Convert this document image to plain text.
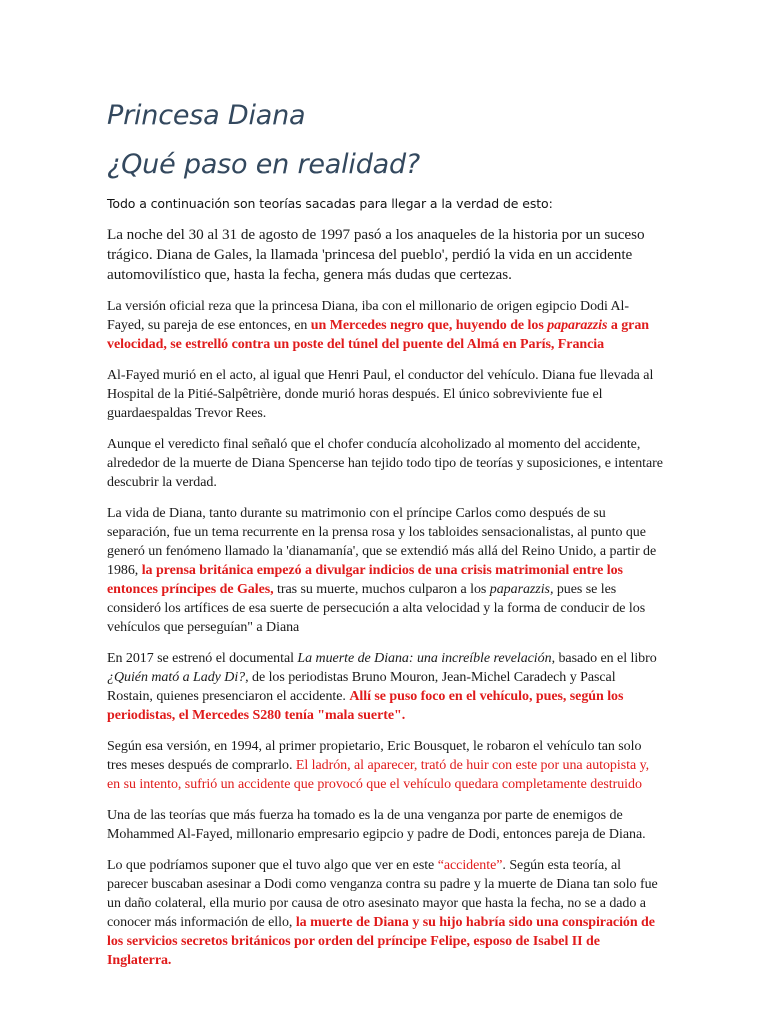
Princesa Diana
¿Qué paso en realidad?

Todo a continuación son teorías sacadas para llegar a la verdad de esto:

La noche del 30 al 31 de agosto de 1997 pasó a los anaqueles de la historia por un suceso trágico. Diana de Gales, la llamada 'princesa del pueblo', perdió la vida en un accidente automovilístico que, hasta la fecha, genera más dudas que certezas.

La versión oficial reza que la princesa Diana, iba con el millonario de origen egipcio Dodi Al-Fayed, su pareja de ese entonces, en un Mercedes negro que, huyendo de los paparazzis a gran velocidad, se estrelló contra un poste del túnel del puente del Almá en París, Francia

Al-Fayed murió en el acto, al igual que Henri Paul, el conductor del vehículo. Diana fue llevada al Hospital de la Pitié-Salpêtrière, donde murió horas después. El único sobreviviente fue el guardaespaldas Trevor Rees.

Aunque el veredicto final señaló que el chofer conducía alcoholizado al momento del accidente, alrededor de la muerte de Diana Spencerse han tejido todo tipo de teorías y suposiciones, e intentare descubrir la verdad.

La vida de Diana, tanto durante su matrimonio con el príncipe Carlos como después de su separación, fue un tema recurrente en la prensa rosa y los tabloides sensacionalistas, al punto que generó un fenómeno llamado la 'dianamanía', que se extendió más allá del Reino Unido, a partir de 1986, la prensa británica empezó a divulgar indicios de una crisis matrimonial entre los entonces príncipes de Gales, tras su muerte, muchos culparon a los paparazzis, pues se les consideró los artífices de esa suerte de persecución a alta velocidad y la forma de conducir de los vehículos que perseguían" a Diana

En 2017 se estrenó el documental La muerte de Diana: una increíble revelación, basado en el libro ¿Quién mató a Lady Di?, de los periodistas Bruno Mouron, Jean-Michel Caradech y Pascal Rostain, quienes presenciaron el accidente. Allí se puso foco en el vehículo, pues, según los periodistas, el Mercedes S280 tenía "mala suerte".

Según esa versión, en 1994, al primer propietario, Eric Bousquet, le robaron el vehículo tan solo tres meses después de comprarlo. El ladrón, al aparecer, trató de huir con este por una autopista y, en su intento, sufrió un accidente que provocó que el vehículo quedara completamente destruido

Una de las teorías que más fuerza ha tomado es la de una venganza por parte de enemigos de Mohammed Al-Fayed, millonario empresario egipcio y padre de Dodi, entonces pareja de Diana.

Lo que podríamos suponer que el tuvo algo que ver en este “accidente”. Según esta teoría, al parecer buscaban asesinar a Dodi como venganza contra su padre y la muerte de Diana tan solo fue un daño colateral, ella murio por causa de otro asesinato mayor que hasta la fecha, no se a dado a conocer más información de ello, la muerte de Diana y su hijo habría sido una conspiración de los servicios secretos británicos por orden del príncipe Felipe, esposo de Isabel II de Inglaterra.
